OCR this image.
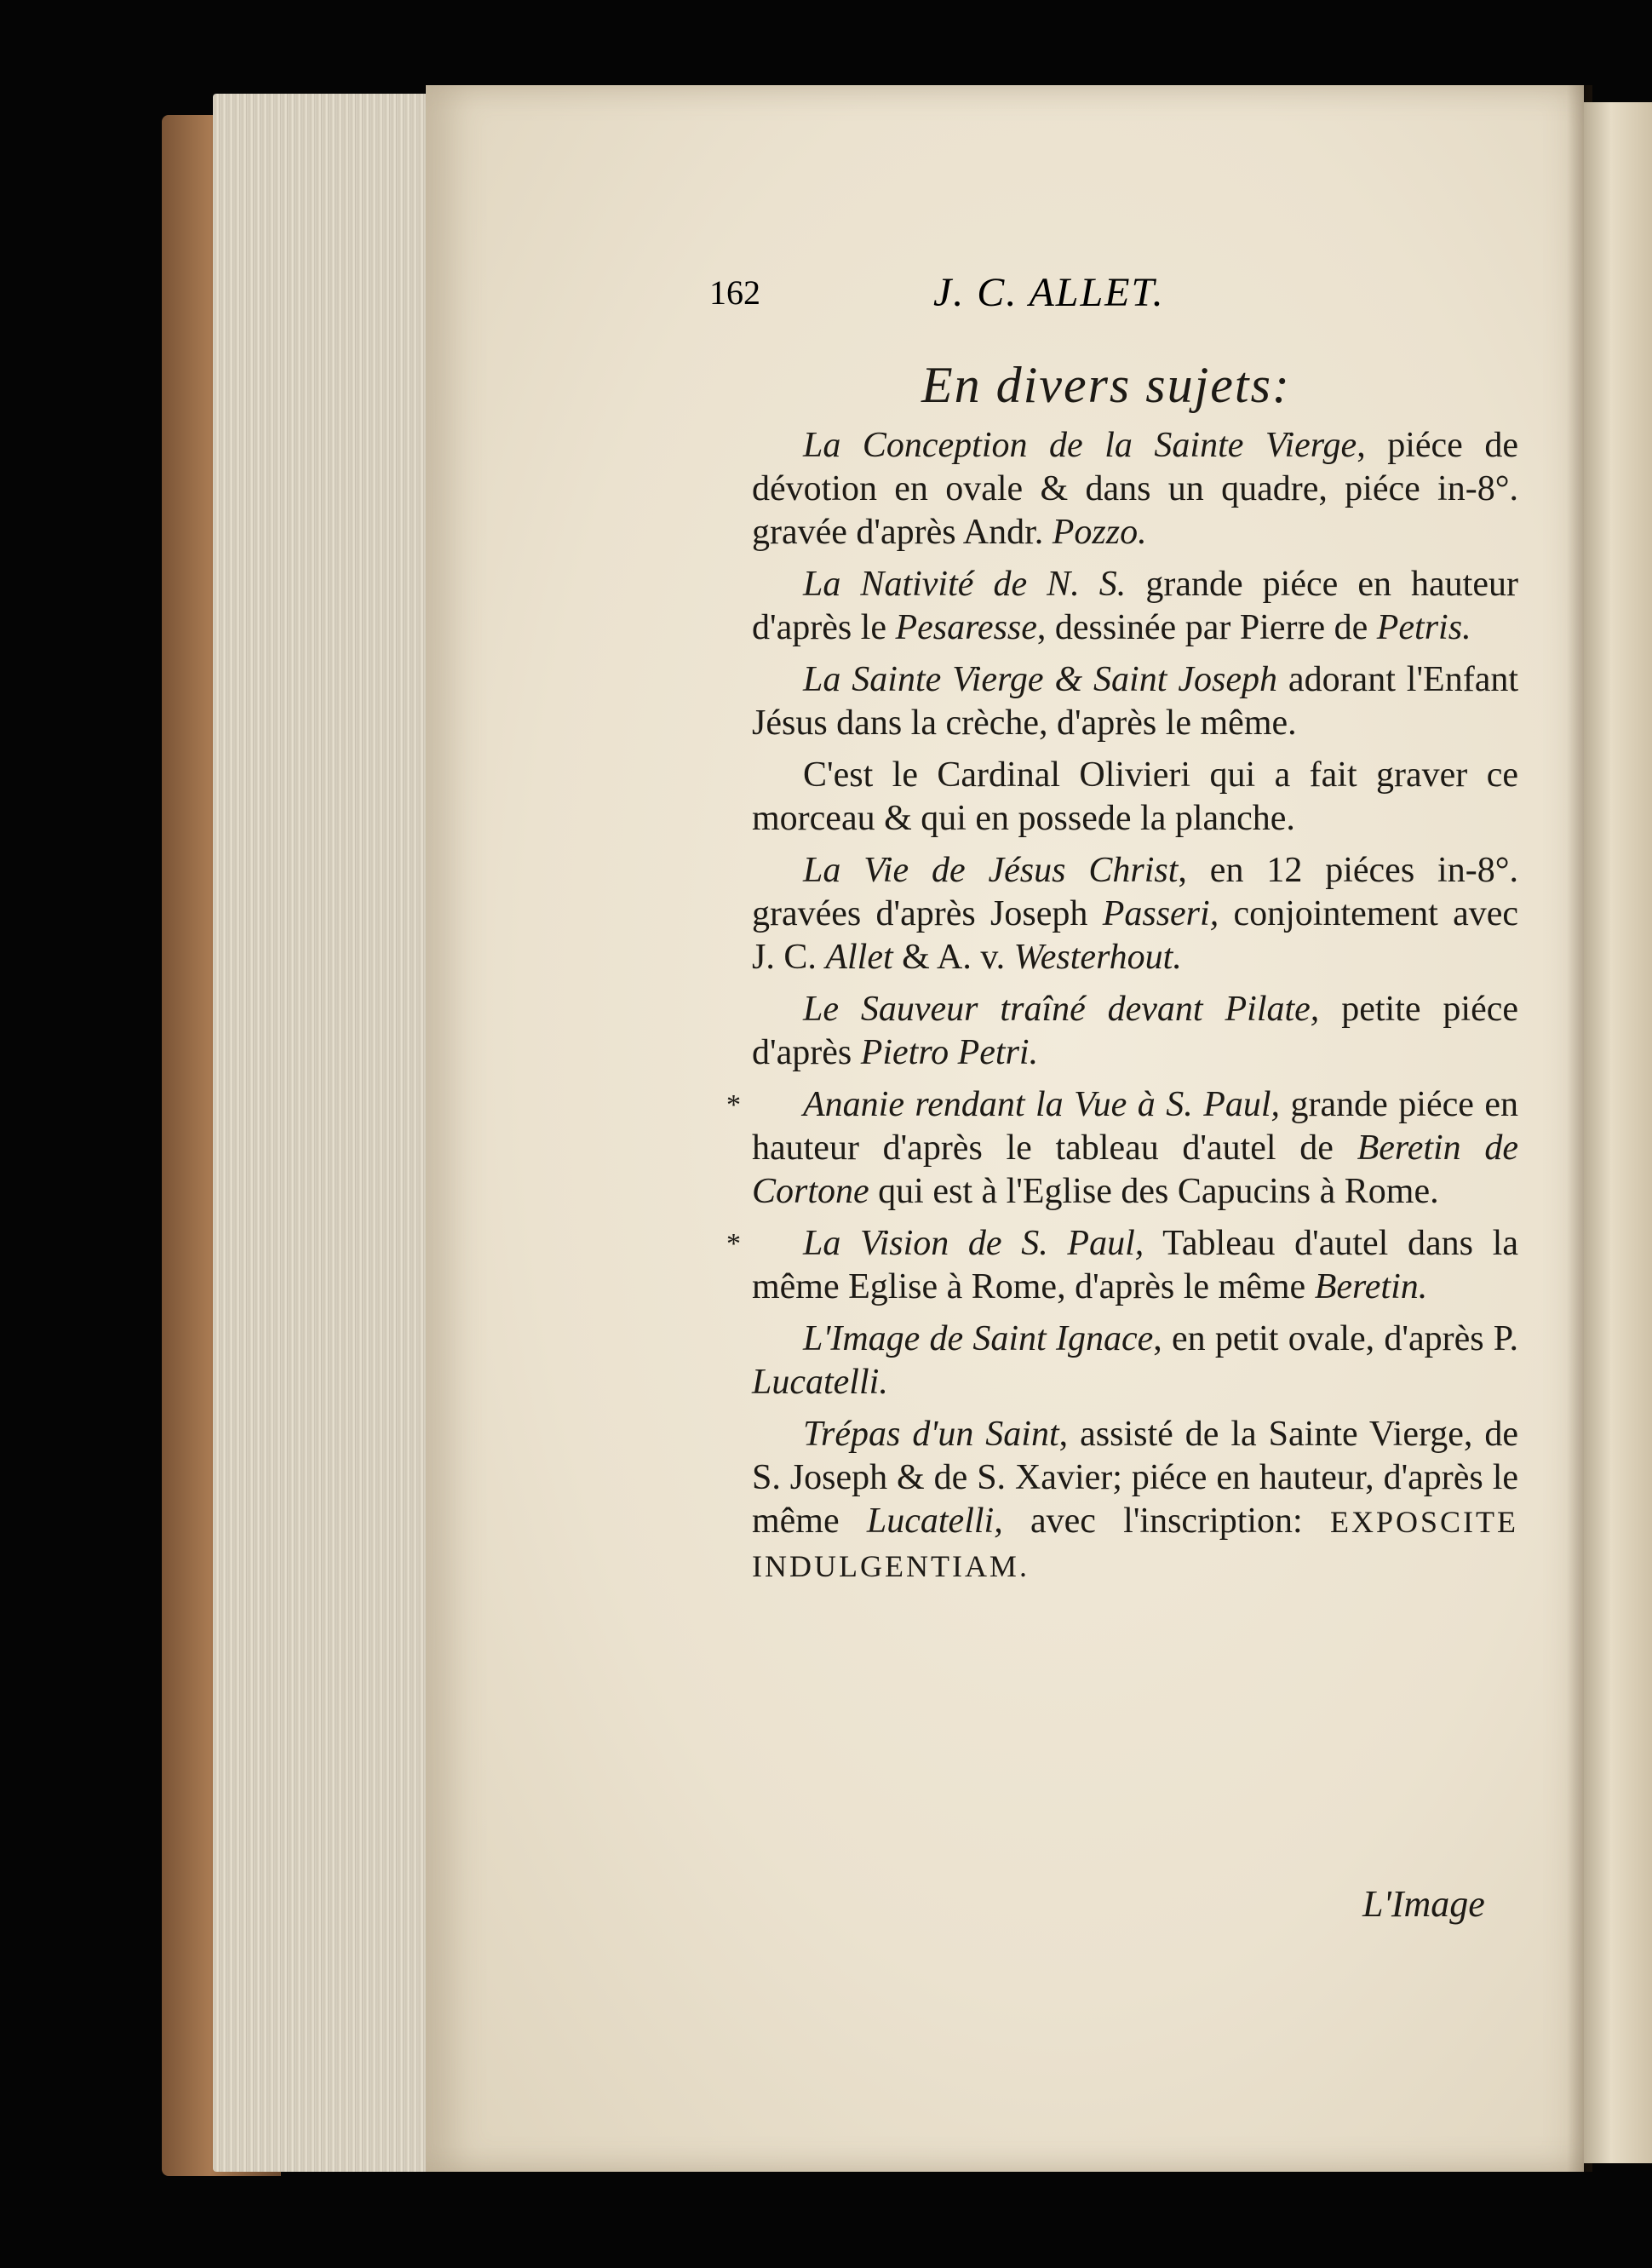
162	J. C. ALLET.
En divers sujets:
La Conception de la Sainte Vierge, piéce de dévotion en ovale & dans un quadre, piéce in-8°. gravée d'après Andr. Pozzo.
La Nativité de N. S. grande piéce en hauteur d'après le Pesaresse, dessinée par Pierre de Petris.
La Sainte Vierge & Saint Joseph adorant l'Enfant Jésus dans la crèche, d'après le même.
C'est le Cardinal Olivieri qui a fait graver ce morceau & qui en possede la planche.
La Vie de Jésus Christ, en 12 piéces in-8°. gravées d'après Joseph Passeri, conjointement avec J. C. Allet & A. v. Westerhout.
Le Sauveur traîné devant Pilate, petite piéce d'après Pietro Petri.
* Ananie rendant la Vue à S. Paul, grande piéce en hauteur d'après le tableau d'autel de Beretin de Cortone qui est à l'Eglise des Capucins à Rome.
* La Vision de S. Paul, Tableau d'autel dans la même Eglise à Rome, d'après le même Beretin.
L'Image de Saint Ignace, en petit ovale, d'après P. Lucatelli.
Trépas d'un Saint, assisté de la Sainte Vierge, de S. Joseph & de S. Xavier; piéce en hauteur, d'après le même Lucatelli, avec l'inscription: EXPOSCITE INDULGENTIAM.
L'Image
